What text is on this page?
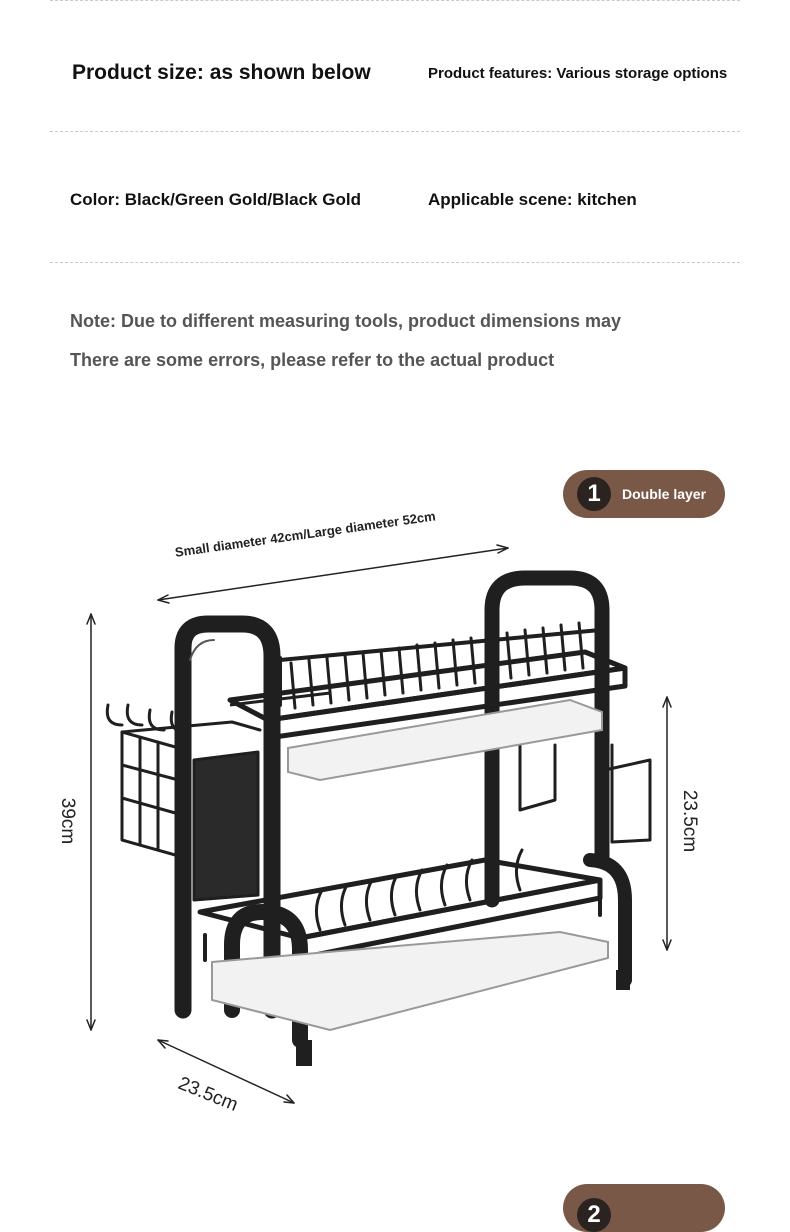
Product size: as shown below	Product features: Various storage options
Color: Black/Green Gold/Black Gold	Applicable scene: kitchen
Note: Due to different measuring tools, product dimensions may
There are some errors, please refer to the actual product
1	Double layer
Small diameter 42cm/Large diameter 52cm
39cm	23.5cm
23.5cm
2
